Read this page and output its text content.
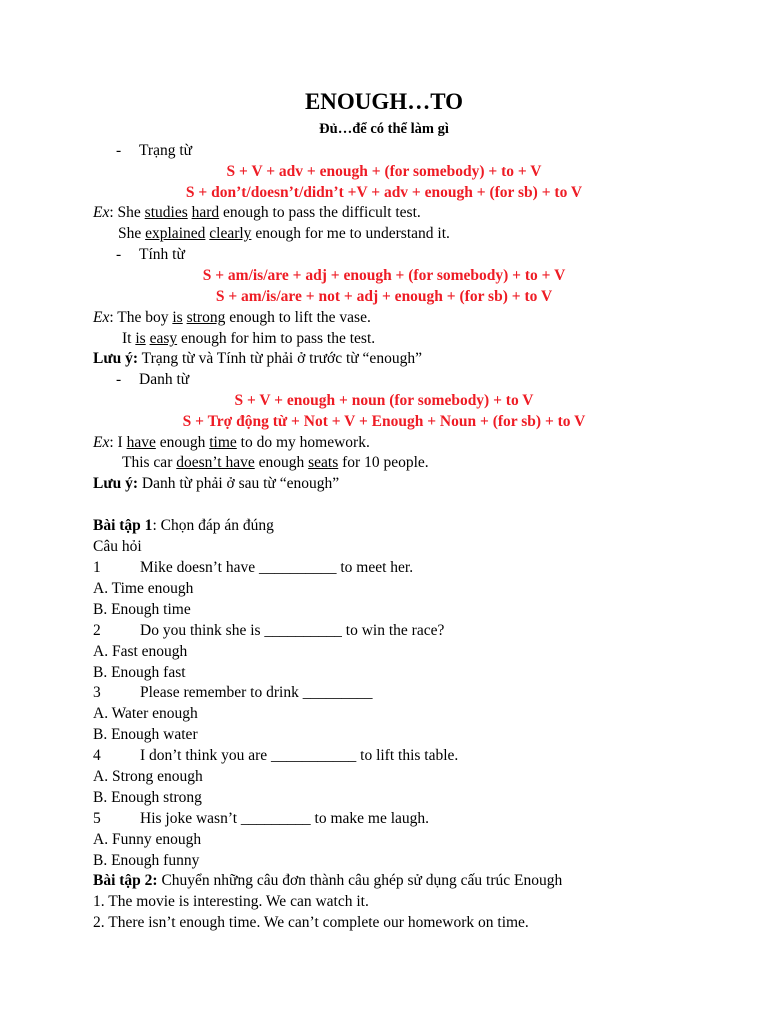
ENOUGH…TO
Đủ…để có thể làm gì
- Trạng từ
S + V + adv + enough + (for somebody) + to + V
S + don’t/doesn’t/didn’t +V + adv + enough + (for sb) + to V
Ex: She studies hard enough to pass the difficult test.
She explained clearly enough for me to understand it.
- Tính từ
S + am/is/are + adj + enough + (for somebody) + to + V
S + am/is/are + not + adj + enough + (for sb) + to V
Ex: The boy is strong enough to lift the vase.
It is easy enough for him to pass the test.
Lưu ý: Trạng từ và Tính từ phải ở trước từ “enough”
- Danh từ
S + V + enough + noun (for somebody) + to V
S + Trợ động từ + Not + V + Enough + Noun + (for sb) + to V
Ex: I have enough time to do my homework.
This car doesn’t have enough seats for 10 people.
Lưu ý: Danh từ phải ở sau từ “enough”
Bài tập 1: Chọn đáp án đúng
Câu hỏi
1	Mike doesn’t have __________ to meet her.
A. Time enough
B. Enough time
2	Do you think she is __________ to win the race?
A. Fast enough
B. Enough fast
3	Please remember to drink _________
A. Water enough
B. Enough water
4	I don’t think you are ___________ to lift this table.
A. Strong enough
B. Enough strong
5	His joke wasn’t _________ to make me laugh.
A. Funny enough
B. Enough funny
Bài tập 2: Chuyển những câu đơn thành câu ghép sử dụng cấu trúc Enough
1. The movie is interesting. We can watch it.
2. There isn’t enough time. We can’t complete our homework on time.
